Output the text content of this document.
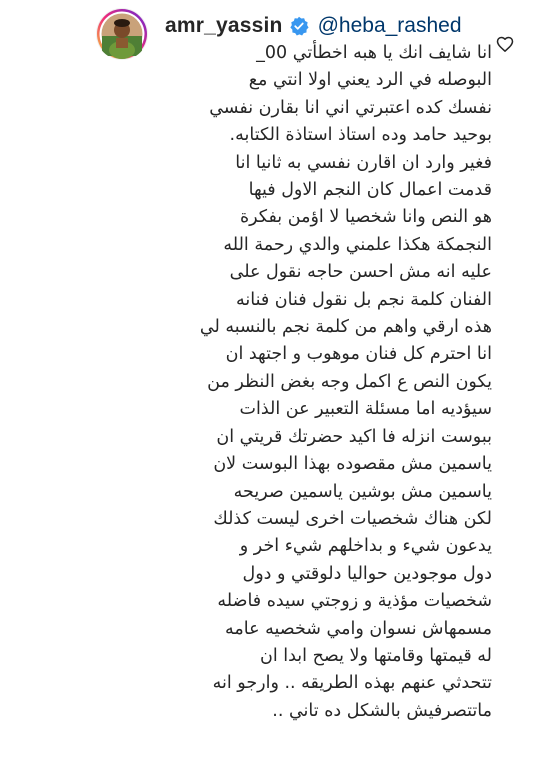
amr_yassin @heba_rashed
انا شايف انك يا هبه اخطأتي 00_
البوصله في الرد يعني اولا انتي مع
نفسك كده اعتبرتي اني انا بقارن نفسي
بوحيد حامد وده استاذ استاذة الكتابه.
فغير وارد ان اقارن نفسي به ثانيا انا
قدمت اعمال كان النجم الاول فيها
هو النص وانا شخصيا لا اؤمن بفكرة
النجمكة هكذا علمني والدي رحمة الله
عليه انه مش احسن حاجه نقول على
الفنان كلمة نجم بل نقول فنان فنانه
هذه ارقي واهم من كلمة نجم بالنسبه لي
انا احترم كل فنان موهوب و اجتهد ان
يكون النص ع اكمل وجه بغض النظر من
سيؤديه اما مسئلة التعبير عن الذات
ببوست انزله فا اكيد حضرتك قريتي ان
ياسمين مش مقصوده بهذا البوست لان
ياسمين مش بوشين ياسمين صريحه
لكن هناك شخصيات اخرى ليست كذلك
يدعون شيء و بداخلهم شيء اخر و
دول موجودين حواليا دلوقتي و دول
شخصيات مؤذية و زوجتي سيده فاضله
مسمهاش نسوان وامي شخصيه عامه
له قيمتها وقامتها ولا يصح ابدا ان
تتحدثي عنهم بهذه الطريقه .. وارجو انه
ماتتصرفيش بالشكل ده تاني ..
